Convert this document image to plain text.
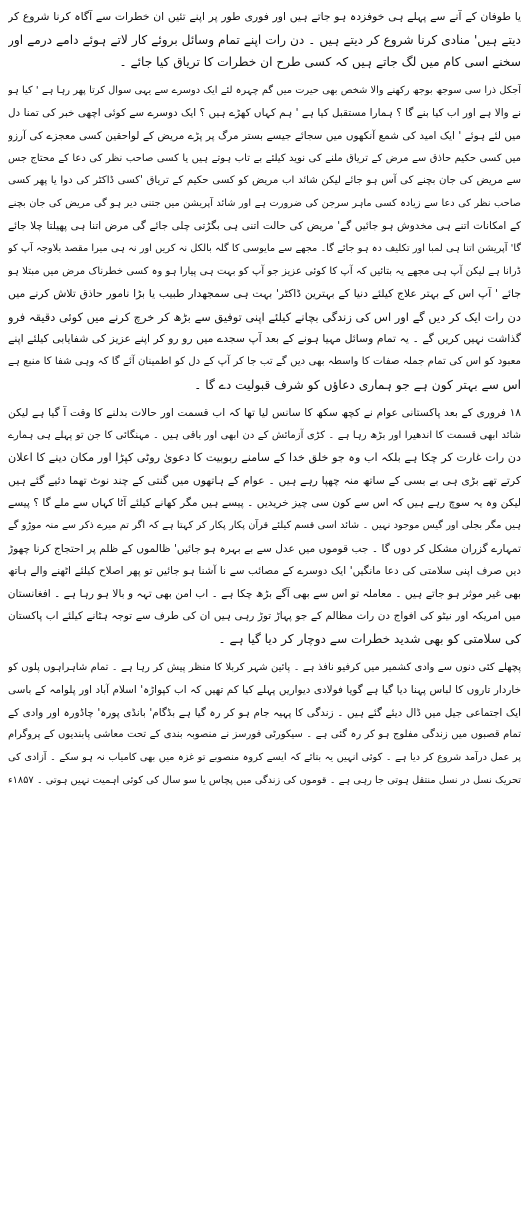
یا طوفان کے آنے سے پہلے ہی خوفزدہ ہو جاتے ہیں اور فوری طور پر اپنے تئیں ان خطرات سے آگاہ کرنا شروع کر
دیتے ہیں' منادی کرنا شروع کر دیتے ہیں ۔ دن رات اپنے تمام وسائل بروئے کار لاتے ہوئے دامے درمے اور
سخنے اسی کام میں لگ جاتے ہیں کہ کسی طرح ان خطرات کا تریاق کیا جائے ۔
آجکل ذرا سی سوجھ بوجھ رکھنے والا شخص بھی حیرت میں گم چہرہ لئے ایک دوسرے سے یہی سوال کرتا پھر رہا ہے ' کیا ہو
نے والا ہے اور اب کیا بنے گا ؟ ہمارا مستقبل کیا ہے ' ہم کہاں کھڑے ہیں ؟ ایک دوسرے سے کوئی اچھی خبر کی تمنا دل
میں لئے ہوئے ' ایک امید کی شمع آنکھوں میں سجائے جیسے بستر مرگ پر پڑے مریض کے لواحقین کسی معجزے کی آرزو
میں کسی حکیم حاذق سے مرض کے تریاق ملنے کی نوید کیلئے بے تاب ہوتے ہیں یا کسی صاحب نظر کی دعا کے محتاج جس
سے مریض کی جان بچنے کی آس ہو جائے لیکن شائد اب مریض کو کسی حکیم کے تریاق 'کسی ڈاکٹر کی دوا یا پھر کسی
صاحب نظر کی دعا سے زیادہ کسی ماہر سرجن کی ضرورت ہے اور شائد آپریشن میں جتنی دیر ہو گی مریض کی جان بچنے
کے امکانات اتنے ہی مخدوش ہو جائیں گے' مریض کی حالت اتنی ہی بگڑتی چلی جائے گی مرض اتنا ہی پھیلتا چلا جائے
گا' آپریشن اتنا ہی لمبا اور تکلیف دہ ہو جائے گا۔ مجھے سے مایوسی کا گلہ بالکل نہ کریں اور نہ ہی میرا مقصد بلاوجہ آپ کو
ڈرانا ہے لیکن آپ ہی مجھے یہ بتائیں کہ آپ کا کوئی عزیز جو آپ کو بہت ہی پیارا ہو وہ کسی خطرناک مرض میں مبتلا ہو
جائے ' آپ اس کے بہتر علاج کیلئے دنیا کے بہترین ڈاکٹر' بہت ہی سمجھدار طبیب یا بڑا نامور حاذق تلاش کرنے میں
دن رات ایک کر دیں گے اور اس کی زندگی بچانے کیلئے اپنی توفیق سے بڑھ کر خرچ کرنے میں کوئی دقیقہ فرو
گذاشت نہیں کریں گے ۔ یہ تمام وسائل مہیا ہونے کے بعد آپ سجدے میں رو رو کر اپنے عزیز کی شفایابی کیلئے اپنے
معبود کو اس کی تمام جملہ صفات کا واسطہ بھی دیں گے تب جا کر آپ کے دل کو اطمینان آئے گا کہ وہی شفا کا منبع ہے
اس سے بہتر کون ہے جو ہماری دعاؤں کو شرف قبولیت دے گا ۔
۱۸ فروری کے بعد پاکستانی عوام نے کچھ سکھ کا سانس لیا تھا کہ اب قسمت اور حالات بدلنے کا وقت آ گیا ہے لیکن
شائد ابھی قسمت کا اندھیرا اور بڑھ رہا ہے ۔ کڑی آزمائش کے دن ابھی اور باقی ہیں ۔ مہنگائی کا جن تو پہلے ہی ہمارے
دن رات غارت کر چکا ہے بلکہ اب وہ جو خلق خدا کے سامنے ربوبیت کا دعویٰ روٹی کپڑا اور مکان دینے کا اعلان
کرتے تھے بڑی ہی بے بسی کے ساتھ منہ چھپا رہے ہیں ۔ عوام کے ہاتھوں میں گنتی کے چند نوٹ تھما دئیے گئے ہیں
لیکن وہ یہ سوچ رہے ہیں کہ اس سے کون سی چیز خریدیں ۔ پیسے ہیں مگر کھانے کیلئے آٹا کہاں سے ملے گا ؟ پیسے
ہیں مگر بجلی اور گیس موجود نہیں ۔ شائد اسی قسم کیلئے قرآن پکار پکار کر کہتا ہے کہ اگر تم میرے ذکر سے منہ موڑو گے
تمہارے گزران مشکل کر دوں گا ۔ جب قوموں میں عدل سے بے بہرہ ہو جائیں' ظالموں کے ظلم پر احتجاج کرنا چھوڑ
دیں صرف اپنی سلامتی کی دعا مانگیں' ایک دوسرے کے مصائب سے نا آشنا ہو جائیں تو پھر اصلاح کیلئے اٹھنے والے ہاتھ
بھی غیر موثر ہو جاتے ہیں ۔ معاملہ تو اس سے بھی آگے بڑھ چکا ہے ۔ اب امن بھی تہہ و بالا ہو رہا ہے ۔ افغانستان
میں امریکہ اور نیٹو کی افواج دن رات مظالم کے جو پہاڑ توڑ رہی ہیں ان کی طرف سے توجہ ہٹانے کیلئے اب پاکستان
کی سلامتی کو بھی شدید خطرات سے دوچار کر دیا گیا ہے ۔
پچھلے کئی دنوں سے وادی کشمیر میں کرفیو نافذ ہے ۔ پائین شہر کربلا کا منظر پیش کر رہا ہے ۔ تمام شاہراہوں پلوں کو
خاردار تاروں کا لباس پہنا دیا گیا ہے گویا فولادی دیواریں پہلے کیا کم تھیں کہ اب کپواڑہ' اسلام آباد اور پلوامہ کے باسی
ایک اجتماعی جیل میں ڈال دیئے گئے ہیں ۔ زندگی کا پہیہ جام ہو کر رہ گیا ہے بڈگام' بانڈی پورہ' چاڈورہ اور وادی کے
تمام قصبوں میں زندگی مفلوج ہو کر رہ گئی ہے ۔ سیکورٹی فورسز نے منصوبہ بندی کے تحت معاشی پابندیوں کے پروگرام
پر عمل درآمد شروع کر دیا ہے ۔ کوئی انہیں یہ بتائے کہ ایسے کروہ منصوبے تو غزہ میں بھی کامیاب نہ ہو سکے ۔ آزادی کی
تحریک نسل در نسل منتقل ہوتی جا رہی ہے ۔ قوموں کی زندگی میں پچاس یا سو سال کی کوئی اہمیت نہیں ہوتی ۔ ۱۸۵۷ء
